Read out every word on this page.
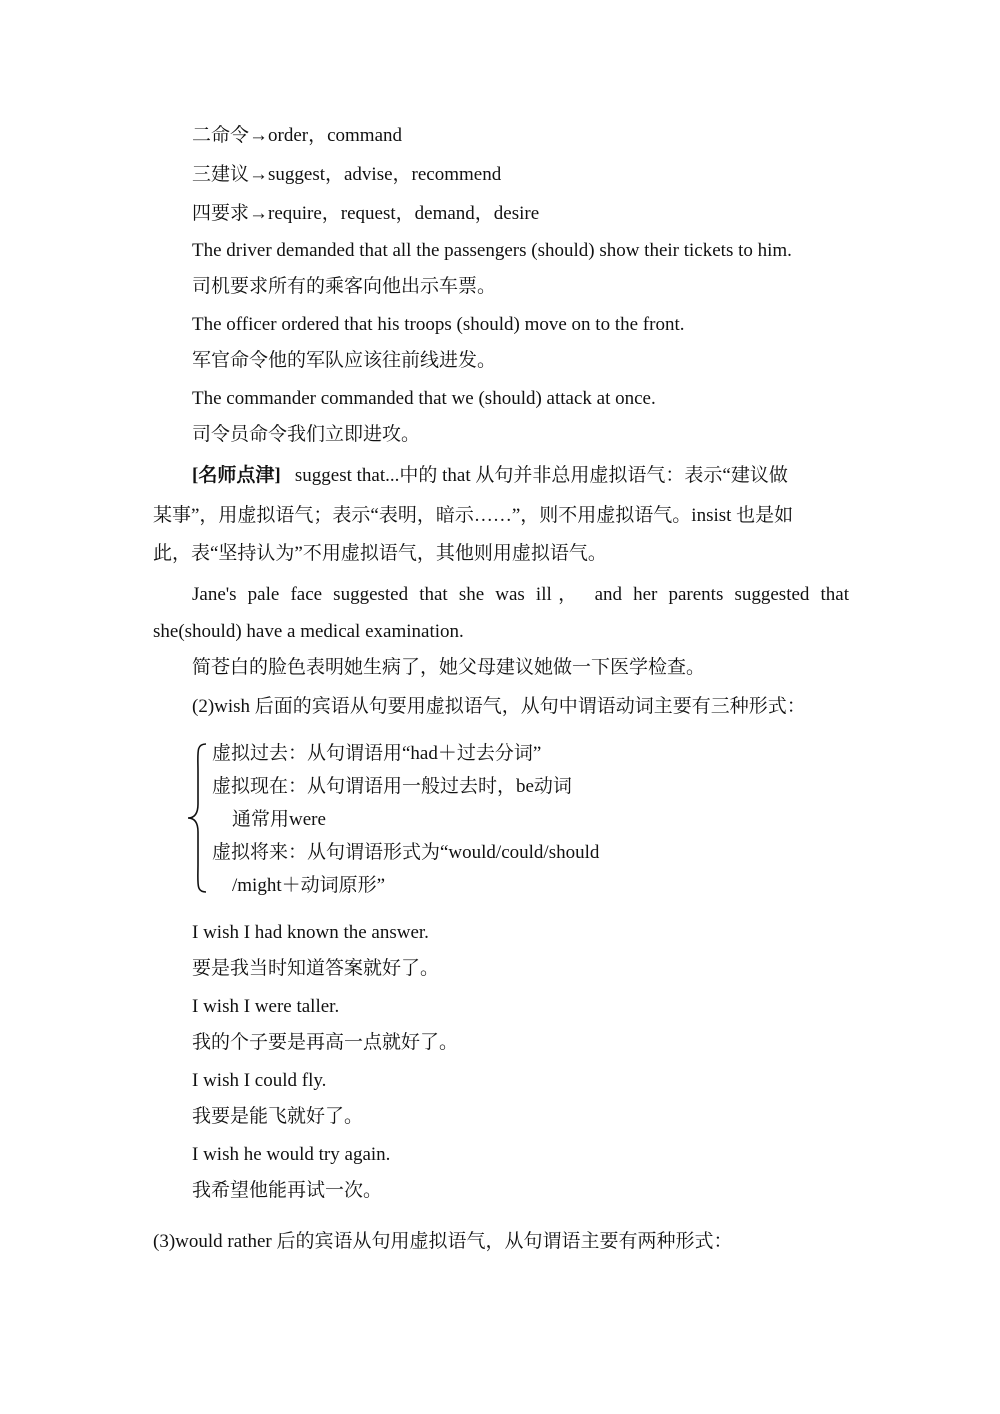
二命令→order，command
三建议→suggest，advise，recommend
四要求→require，request，demand，desire
The driver demanded that all the passengers (should) show their tickets to him.
司机要求所有的乘客向他出示车票。
The officer ordered that his troops (should) move on to the front.
军官命令他的军队应该往前线进发。
The commander commanded that we (should) attack at once.
司令员命令我们立即进攻。
[名师点津] suggest that...中的 that 从句并非总用虚拟语气：表示“建议做
某事”，用虚拟语气；表示“表明，暗示……”，则不用虚拟语气。insist 也是如
此，表“坚持认为”不用虚拟语气，其他则用虚拟语气。
Jane's pale face suggested that she was ill， and her parents suggested that
she(should) have a medical examination.
简苍白的脸色表明她生病了，她父母建议她做一下医学检查。
(2)wish 后面的宾语从句要用虚拟语气，从句中谓语动词主要有三种形式：
虚拟过去：从句谓语用“had＋过去分词”
虚拟现在：从句谓语用一般过去时，be动词
通常用were
虚拟将来：从句谓语形式为“would/could/should
/might＋动词原形”
I wish I had known the answer.
要是我当时知道答案就好了。
I wish I were taller.
我的个子要是再高一点就好了。
I wish I could fly.
我要是能飞就好了。
I wish he would try again.
我希望他能再试一次。
(3)would rather 后的宾语从句用虚拟语气，从句谓语主要有两种形式：
